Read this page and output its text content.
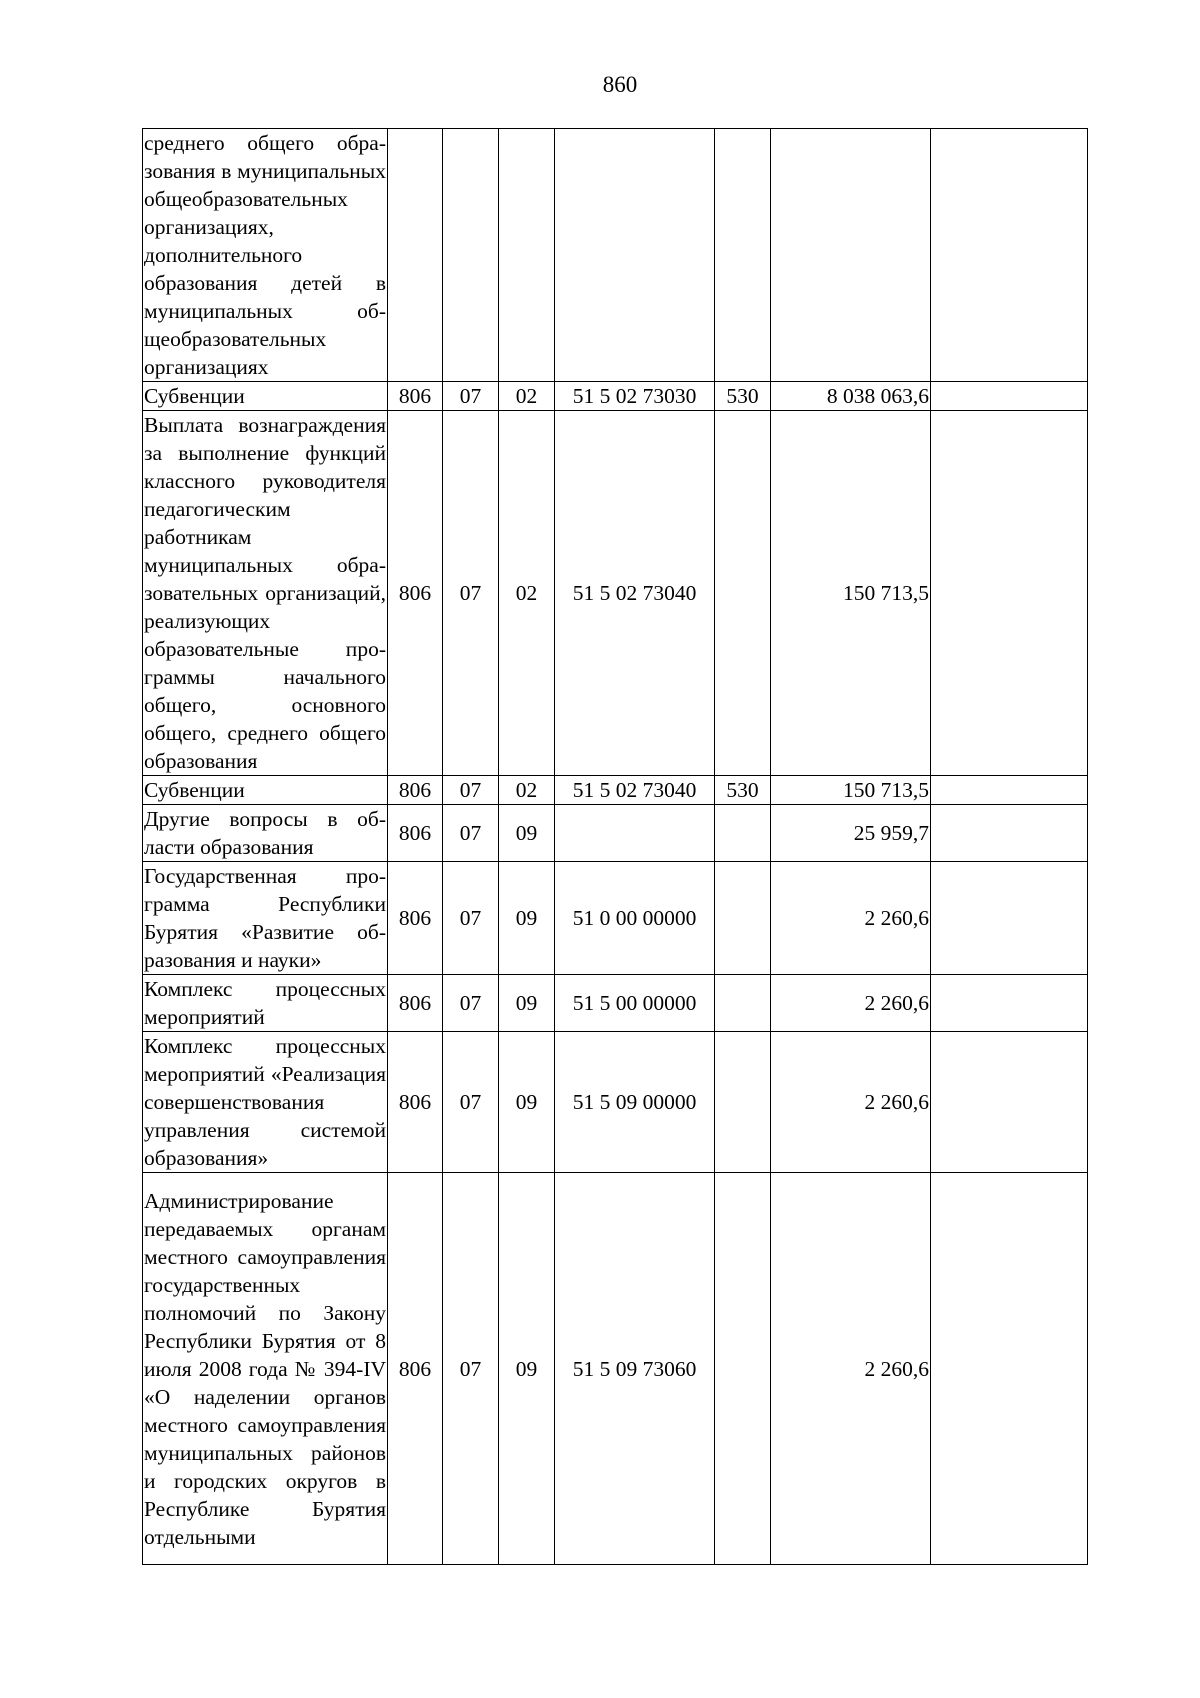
860
среднего общего образования в муниципальных общеобразовательных организациях, дополнительного образования детей в муниципальных общеобразовательных организациях							
Субвенции	806	07	02	51 5 02 73030	530	8 038 063,6	
Выплата вознаграждения за выполнение функций классного руководителя педагогическим работникам муниципальных образовательных организаций, реализующих образовательные программы начального общего, основного общего, среднего общего образования	806	07	02	51 5 02 73040		150 713,5	
Субвенции	806	07	02	51 5 02 73040	530	150 713,5	
Другие вопросы в области образования	806	07	09			25 959,7	
Государственная программа Республики Бурятия «Развитие образования и науки»	806	07	09	51 0 00 00000		2 260,6	
Комплекс процессных мероприятий	806	07	09	51 5 00 00000		2 260,6	
Комплекс процессных мероприятий «Реализация совершенствования управления системой образования»	806	07	09	51 5 09 00000		2 260,6	
Администрирование передаваемых органам местного самоуправления государственных полномочий по Закону Республики Бурятия от 8 июля 2008 года № 394-IV «О наделении органов местного самоуправления муниципальных районов и городских округов в Республике Бурятия отдельными	806	07	09	51 5 09 73060		2 260,6	
